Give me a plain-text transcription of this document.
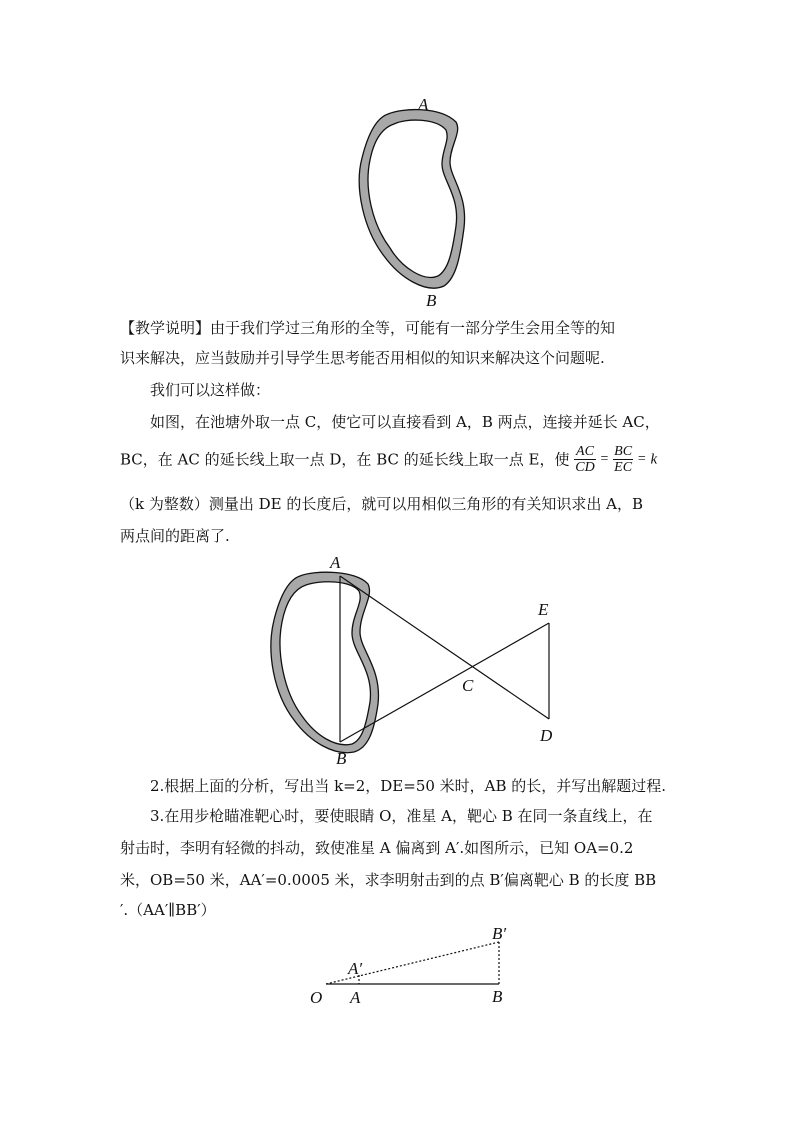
A
B
【教学说明】由于我们学过三角形的全等，可能有一部分学生会用全等的知
识来解决，应当鼓励并引导学生思考能否用相似的知识来解决这个问题呢.
我们可以这样做：
如图，在池塘外取一点 C，使它可以直接看到 A，B 两点，连接并延长 AC，
BC，在 AC 的延长线上取一点 D，在 BC 的延长线上取一点 E，使 $\frac{AC}{CD} = \frac{BC}{EC} = k$
（k 为整数）测量出 DE 的长度后，就可以用相似三角形的有关知识求出 A，B
两点间的距离了.
A
B
C
D
E
2.根据上面的分析，写出当 k=2，DE=50 米时，AB 的长，并写出解题过程.
3.在用步枪瞄准靶心时，要使眼睛 O，准星 A，靶心 B 在同一条直线上，在
射击时，李明有轻微的抖动，致使准星 A 偏离到 A′.如图所示，已知 OA=0.2
米，OB=50 米，AA′=0.0005 米，求李明射击到的点 B′偏离靶心 B 的长度 BB
′.（AA′∥BB′）
O A
A′
B
B′
